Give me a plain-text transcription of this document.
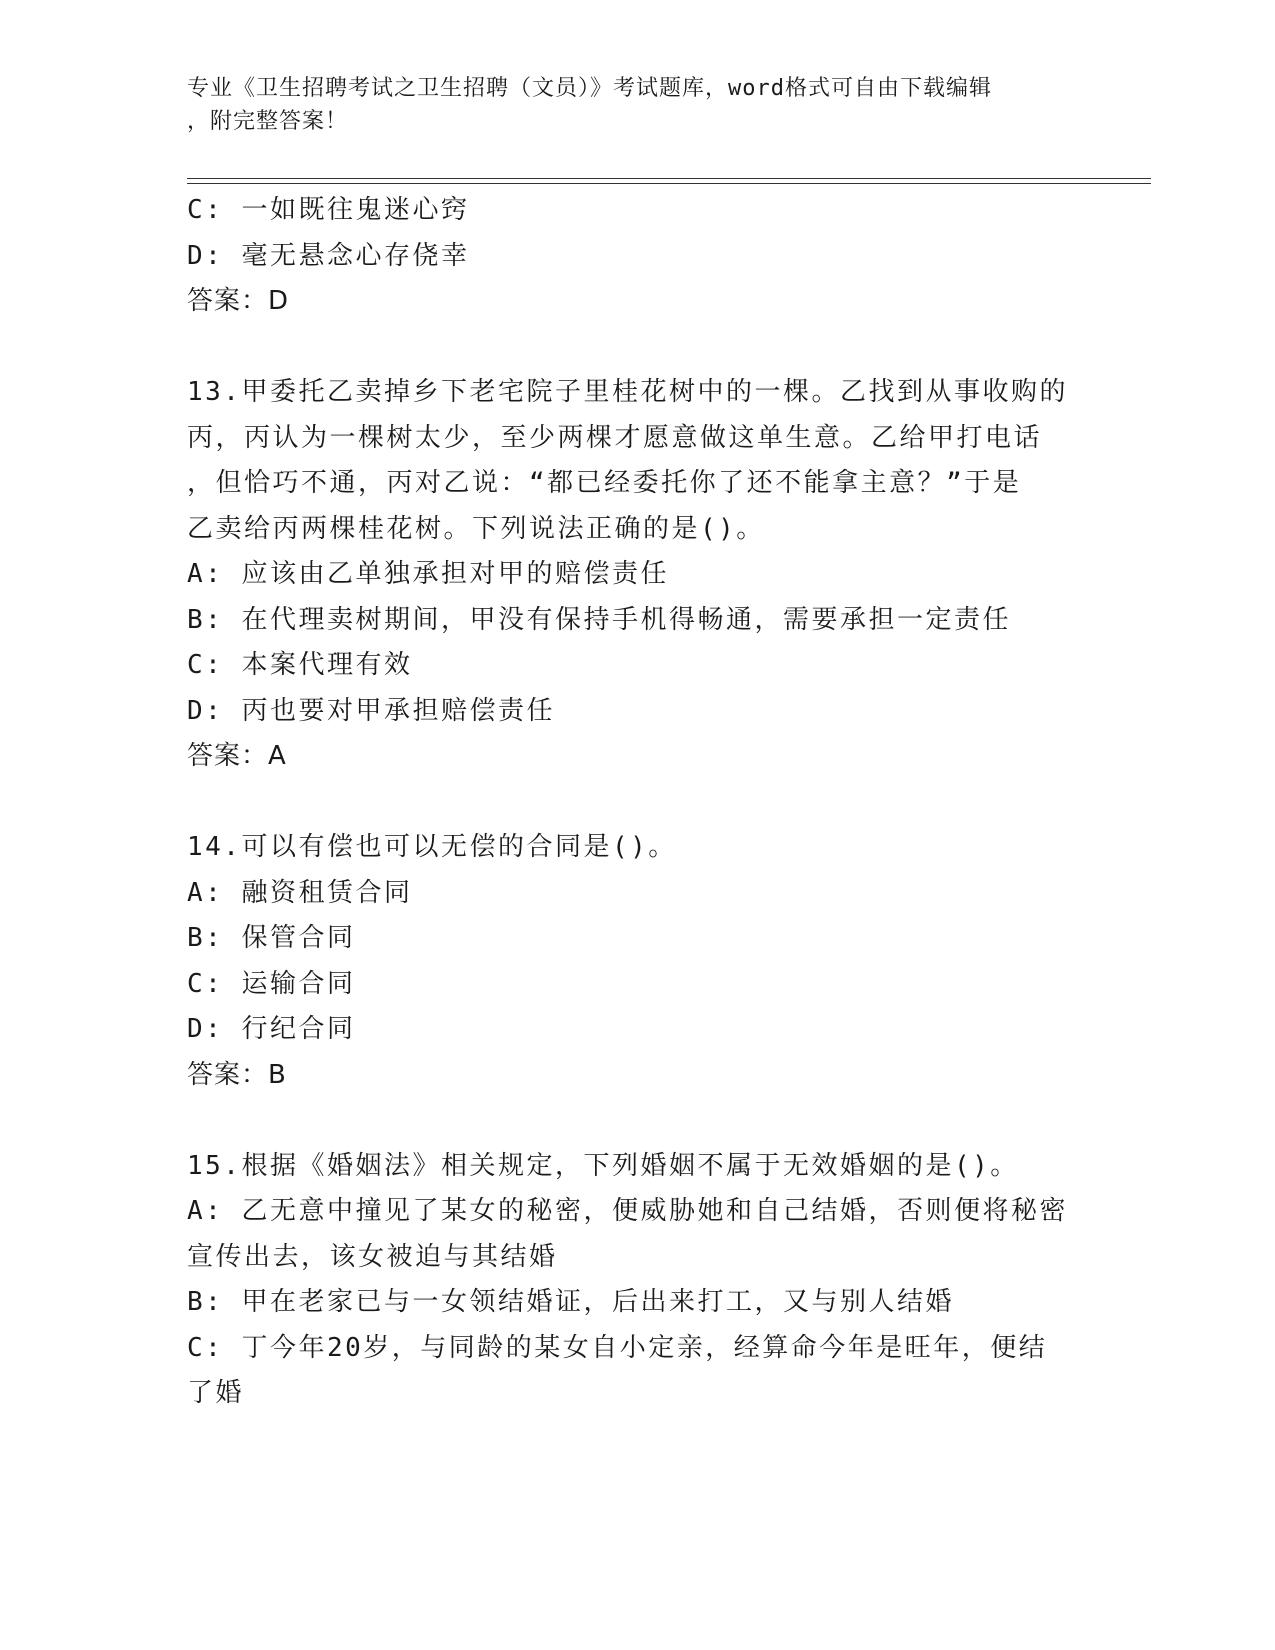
专业《卫生招聘考试之卫生招聘（文员）》考试题库，word格式可自由下载编辑
，附完整答案！
C: 一如既往鬼迷心窍
D: 毫无悬念心存侥幸
答案：D
13.甲委托乙卖掉乡下老宅院子里桂花树中的一棵。乙找到从事收购的
丙，丙认为一棵树太少，至少两棵才愿意做这单生意。乙给甲打电话
，但恰巧不通，丙对乙说：“都已经委托你了还不能拿主意？”于是
乙卖给丙两棵桂花树。下列说法正确的是()。
A: 应该由乙单独承担对甲的赔偿责任
B: 在代理卖树期间，甲没有保持手机得畅通，需要承担一定责任
C: 本案代理有效
D: 丙也要对甲承担赔偿责任
答案：A
14.可以有偿也可以无偿的合同是()。
A: 融资租赁合同
B: 保管合同
C: 运输合同
D: 行纪合同
答案：B
15.根据《婚姻法》相关规定，下列婚姻不属于无效婚姻的是()。
A: 乙无意中撞见了某女的秘密，便威胁她和自己结婚，否则便将秘密
宣传出去，该女被迫与其结婚
B: 甲在老家已与一女领结婚证，后出来打工，又与别人结婚
C: 丁今年20岁，与同龄的某女自小定亲，经算命今年是旺年，便结
了婚
